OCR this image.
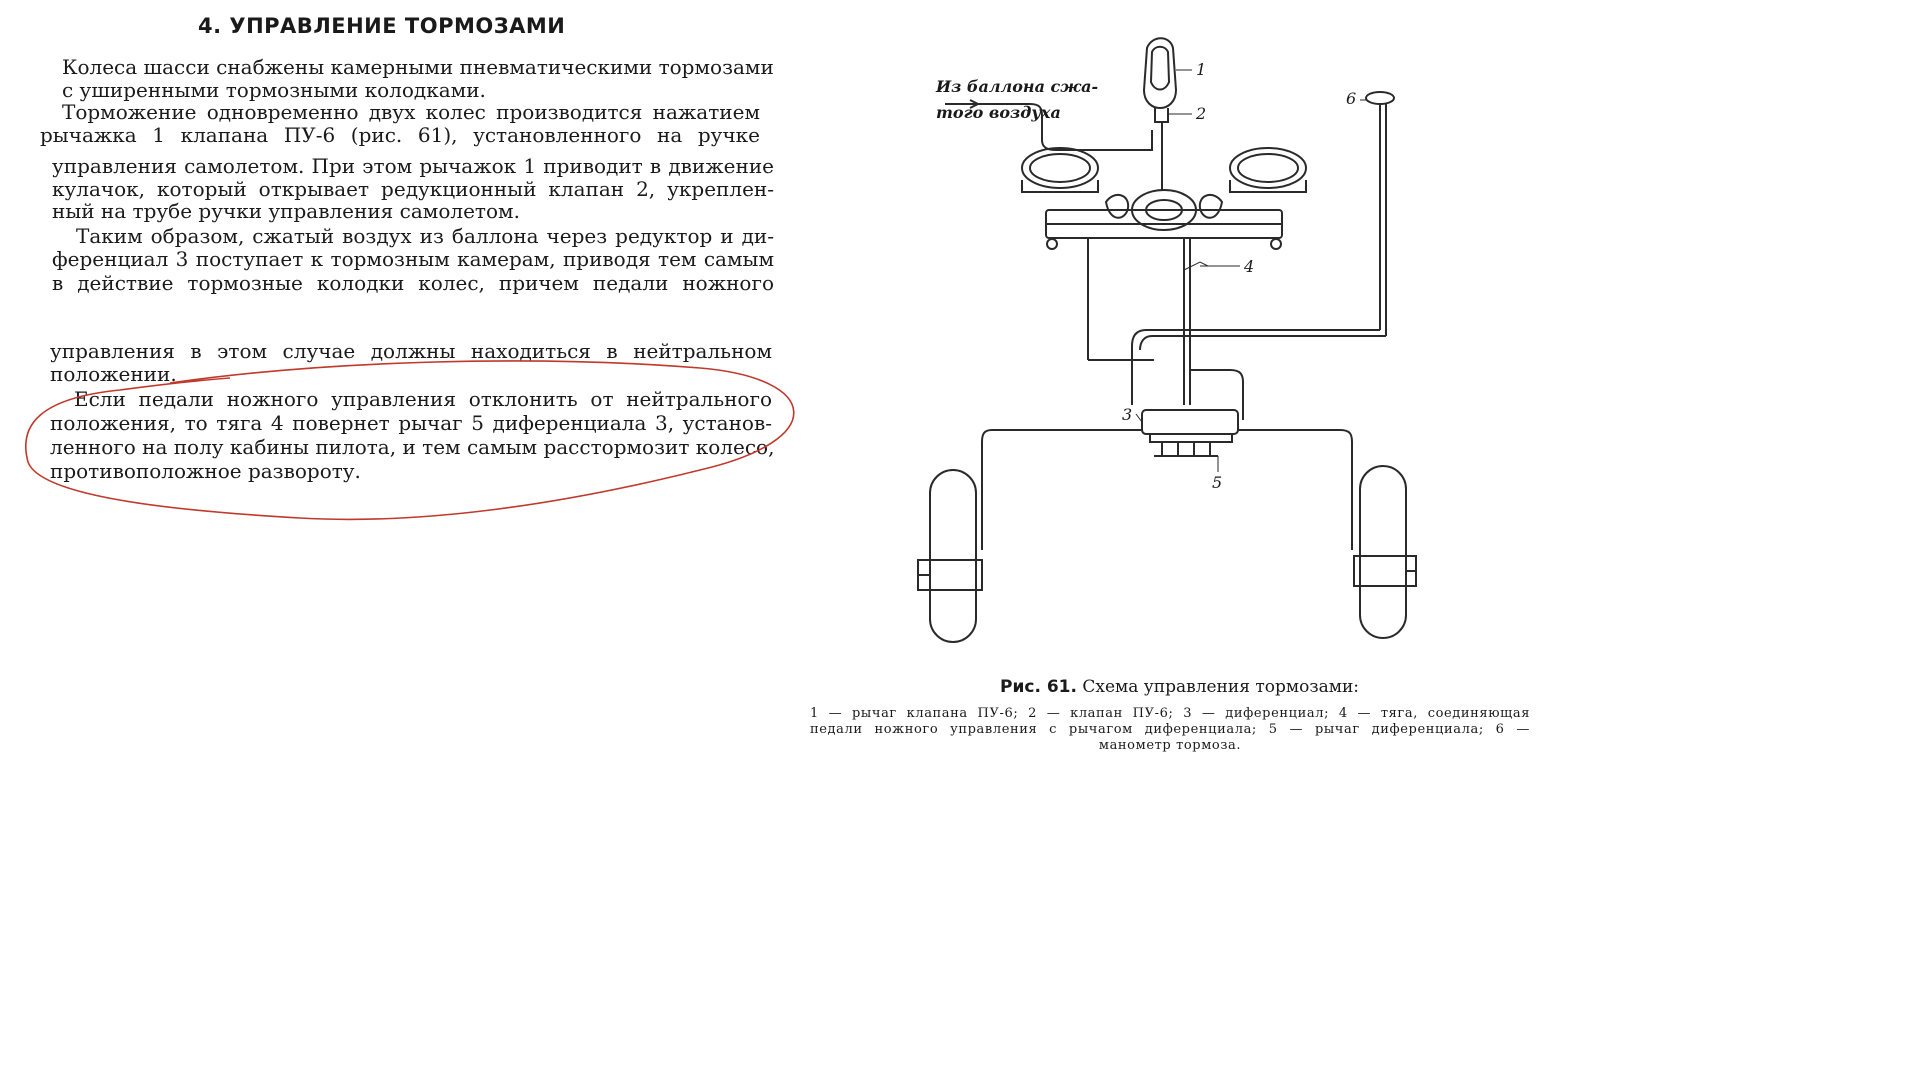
4. УПРАВЛЕНИЕ ТОРМОЗАМИ
Колеса шасси снабжены камерными пневматическими тормозами
с уширенными тормозными колодками.
Торможение одновременно двух колес производится нажатием
рычажка 1 клапана ПУ-6 (рис. 61), установленного на ручке
управления самолетом. При этом рычажок 1 приводит в движение
кулачок, который открывает редукционный клапан 2, укреплен-
ный на трубе ручки управления самолетом.
Таким образом, сжатый воздух из баллона через редуктор и ди-
ференциал 3 поступает к тормозным камерам, приводя тем самым
в действие тормозные колодки колес, причем педали ножного
управления в этом случае должны находиться в нейтральном
положении.
Если педали ножного управления отклонить от нейтрального
положения, то тяга 4 повернет рычаг 5 диференциала 3, установ-
ленного на полу кабины пилота, и тем самым расстормозит колесо,
противоположное развороту.
Из баллона сжа-
того воздуха
1
2
3
4
5
6
Рис. 61. Схема управления тормозами:
1 — рычаг клапана ПУ-6; 2 — клапан ПУ-6; 3 — диференциал; 4 — тяга, соединяющая
педали ножного управления с рычагом диференциала; 5 — рычаг диференциала; 6 —
манометр тормоза.
